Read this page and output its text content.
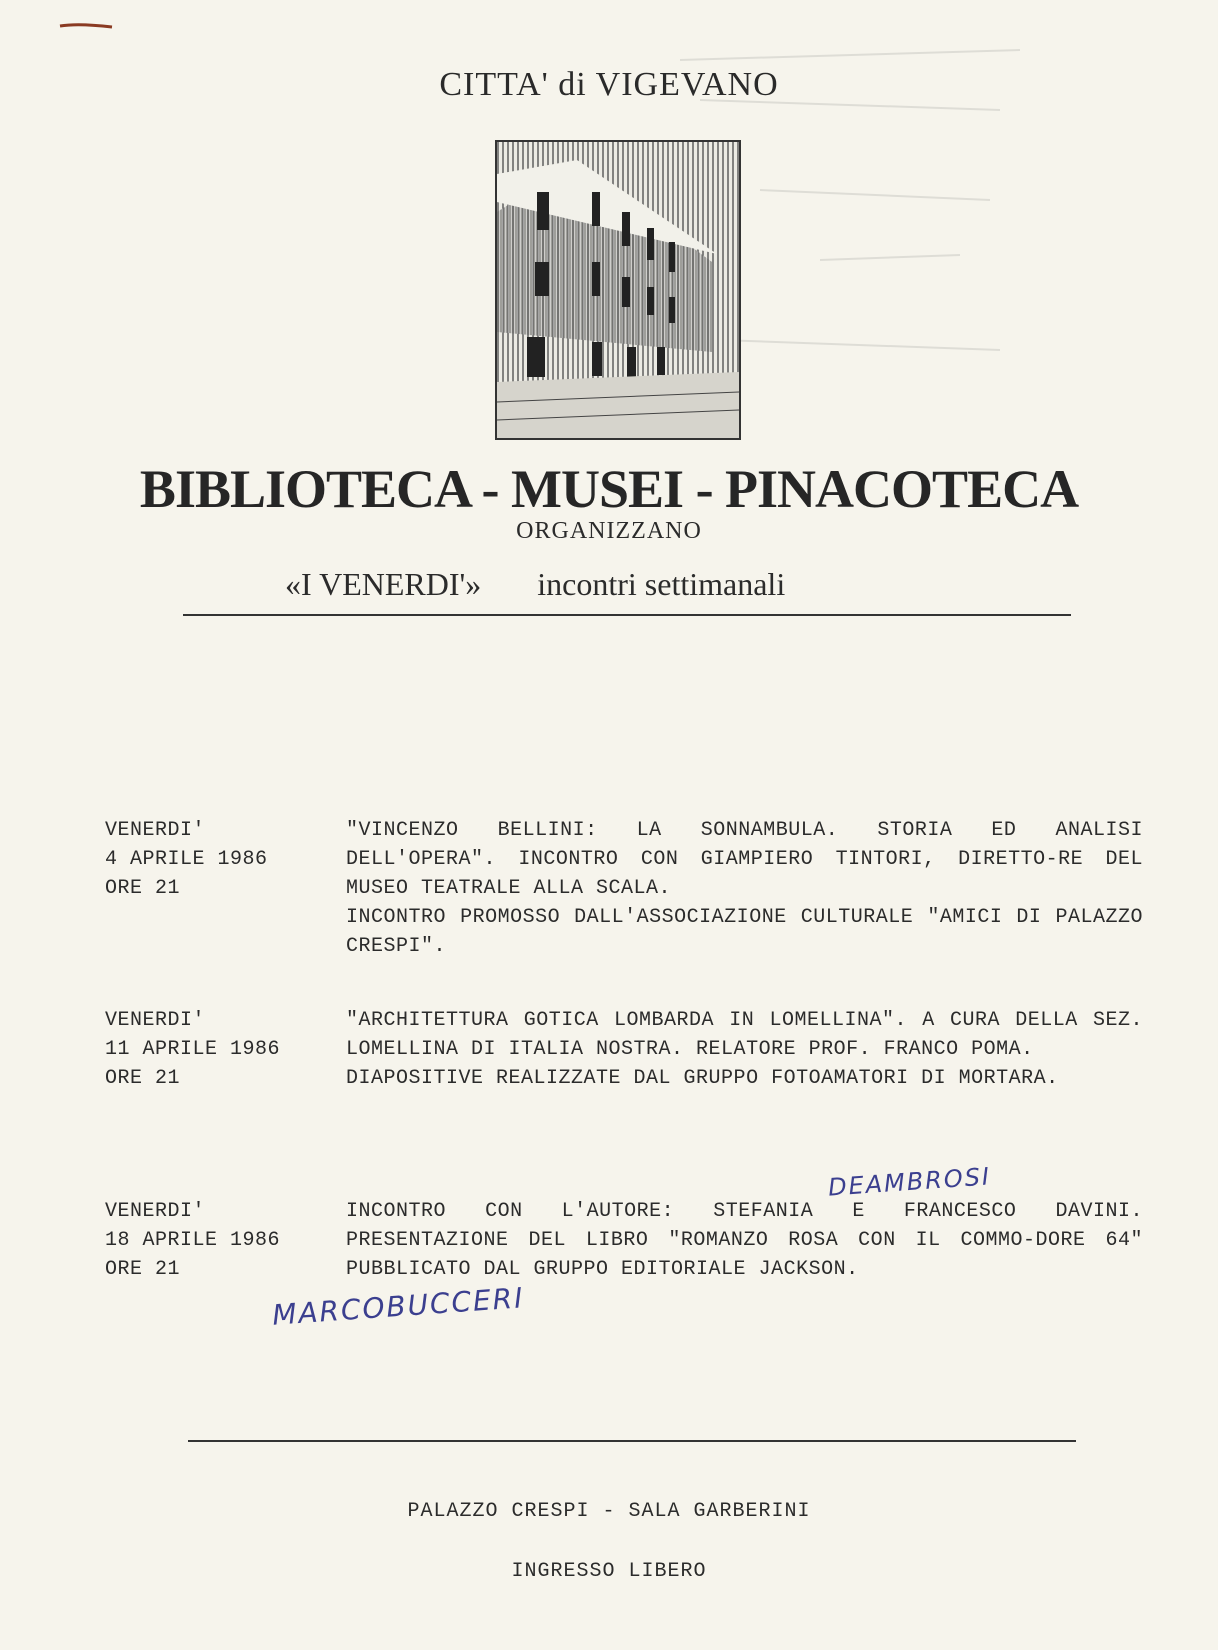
CITTA' di VIGEVANO
BIBLIOTECA - MUSEI - PINACOTECA
ORGANIZZANO
«I VENERDI'» incontri settimanali
VENERDI'
4 APRILE 1986
ORE 21

"VINCENZO BELLINI: LA SONNAMBULA. STORIA ED ANALISI DELL'OPERA". INCONTRO CON GIAMPIERO TINTORI, DIRETTO-RE DEL MUSEO TEATRALE ALLA SCALA.

INCONTRO PROMOSSO DALL'ASSOCIAZIONE CULTURALE "AMICI DI PALAZZO CRESPI".

VENERDI'
11 APRILE 1986
ORE 21

"ARCHITETTURA GOTICA LOMBARDA IN LOMELLINA". A CURA DELLA SEZ. LOMELLINA DI ITALIA NOSTRA. RELATORE PROF. FRANCO POMA.

DIAPOSITIVE REALIZZATE DAL GRUPPO FOTOAMATORI DI MORTARA.

VENERDI'
18 APRILE 1986
ORE 21

INCONTRO CON L'AUTORE: STEFANIA E FRANCESCO DAVINI. PRESENTAZIONE DEL LIBRO "ROMANZO ROSA CON IL COMMO-DORE 64" PUBBLICATO DAL GRUPPO EDITORIALE JACKSON.

DEAMBROSI
MARCOBUCCERI
PALAZZO CRESPI - SALA GARBERINI
INGRESSO LIBERO
